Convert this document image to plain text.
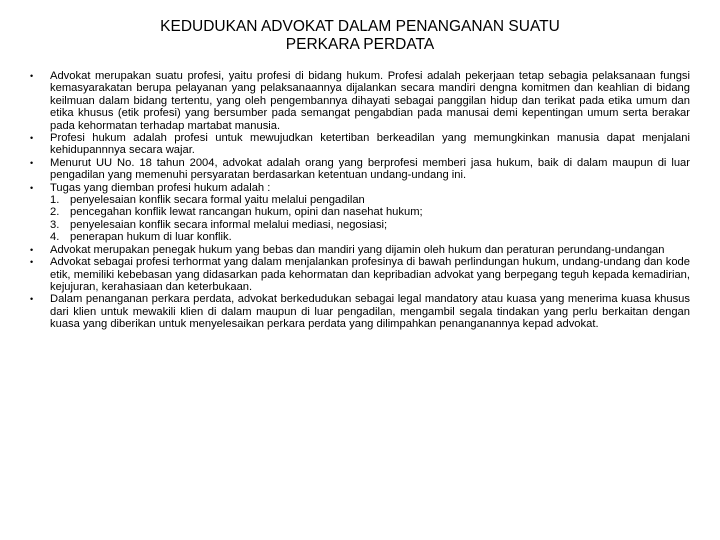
KEDUDUKAN ADVOKAT DALAM PENANGANAN SUATU
PERKARA PERDATA
•	Advokat merupakan suatu profesi, yaitu profesi di bidang hukum. Profesi adalah pekerjaan tetap sebagia pelaksanaan fungsi kemasyarakatan berupa pelayanan yang pelaksanaannya dijalankan secara mandiri dengna komitmen dan keahlian di bidang keilmuan dalam bidang tertentu, yang oleh pengembannya dihayati sebagai panggilan hidup dan terikat pada etika umum dan etika khusus (etik profesi) yang bersumber pada semangat pengabdian pada manusai demi kepentingan umum serta berakar pada kehormatan terhadap martabat manusia.
•	Profesi hukum adalah profesi untuk mewujudkan ketertiban berkeadilan yang memungkinkan manusia dapat menjalani kehidupannnya secara wajar.
•	Menurut UU No. 18 tahun 2004, advokat adalah orang yang berprofesi memberi jasa hukum, baik di dalam maupun di luar pengadilan yang memenuhi persyaratan berdasarkan ketentuan undang-undang ini.
•	Tugas yang diemban profesi hukum adalah :
1. penyelesaian konflik secara formal yaitu melalui pengadilan
2. pencegahan konflik lewat rancangan hukum, opini dan nasehat hukum;
3. penyelesaian konflik secara informal melalui mediasi, negosiasi;
4. penerapan hukum di luar konflik.
•	Advokat merupakan penegak hukum yang bebas dan mandiri yang dijamin oleh hukum dan peraturan perundang-undangan
•	Advokat sebagai profesi terhormat yang dalam menjalankan profesinya di bawah perlindungan hukum, undang-undang dan kode etik, memiliki kebebasan yang didasarkan pada kehormatan dan kepribadian advokat yang berpegang teguh kepada kemadirian, kejujuran, kerahasiaan dan keterbukaan.
•	Dalam penanganan perkara perdata, advokat berkedudukan sebagai legal mandatory atau kuasa yang menerima kuasa khusus dari klien untuk mewakili klien di dalam maupun di luar pengadilan, mengambil segala tindakan yang perlu berkaitan dengan kuasa yang diberikan untuk menyelesaikan perkara perdata yang dilimpahkan penanganannya kepad advokat.
